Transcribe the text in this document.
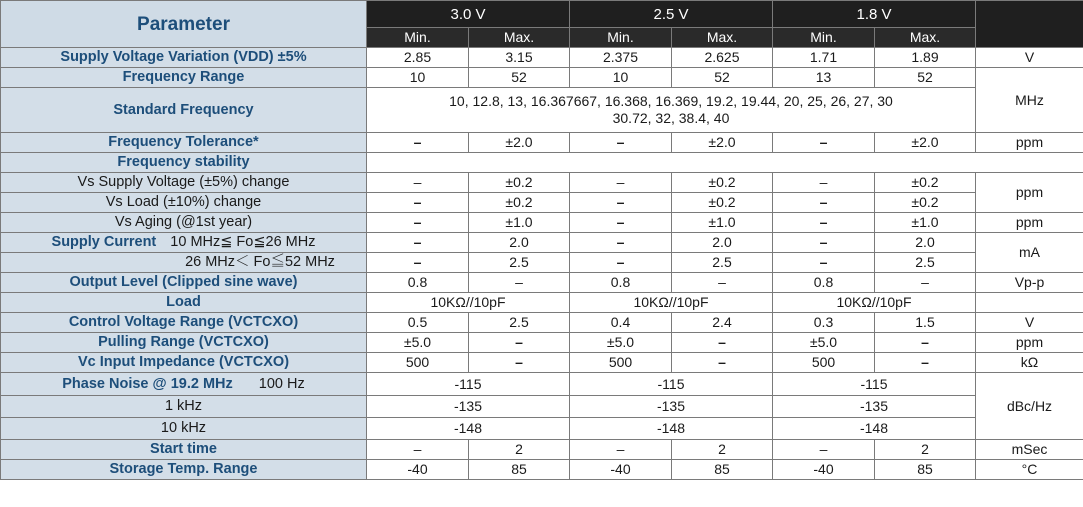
Parameter	3.0 V		2.5 V		1.8 V		
	Min.	Max.	Min.	Max.	Min.	Max.	
Supply Voltage Variation (VDD) ±5%	2.85	3.15	2.375	2.625	1.71	1.89	V
Frequency Range	10	52	10	52	13	52	MHz
Standard Frequency	10, 12.8, 13, 16.367667, 16.368, 16.369, 19.2, 19.44, 20, 25, 26, 27, 30
30.72, 32, 38.4, 40						

Frequency Tolerance*	–	±2.0	–	±2.0	–	±2.0	ppm
Frequency stability							
Vs Supply Voltage (±5%) change	–	±0.2	–	±0.2	–	±0.2	ppm
Vs Load (±10%) change	–	±0.2	–	±0.2	–	±0.2	
Vs Aging (@1st year)	–	±1.0	–	±1.0	–	±1.0	ppm
Supply Current 10 MHz≦ Fo≦26 MHz	–	2.0	–	2.0	–	2.0	mA
26 MHz＜ Fo≦52 MHz	–	2.5	–	2.5	–	2.5	
Output Level (Clipped sine wave)	0.8	–	0.8	–	0.8	–	Vp-p
Load	10KΩ//10pF		10KΩ//10pF		10KΩ//10pF		
Control Voltage Range (VCTCXO)	0.5	2.5	0.4	2.4	0.3	1.5	V
Pulling Range (VCTCXO)	±5.0	–	±5.0	–	±5.0	–	ppm
Vc Input Impedance (VCTCXO)	500	–	500	–	500	–	kΩ
Phase Noise @ 19.2 MHz 100 Hz	-115		-115		-115		dBc/Hz
1 kHz	-135		-135		-135		
10 kHz	-148		-148		-148		
Start time	–	2	–	2	–	2	mSec
Storage Temp. Range	-40	85	-40	85	-40	85	°C
